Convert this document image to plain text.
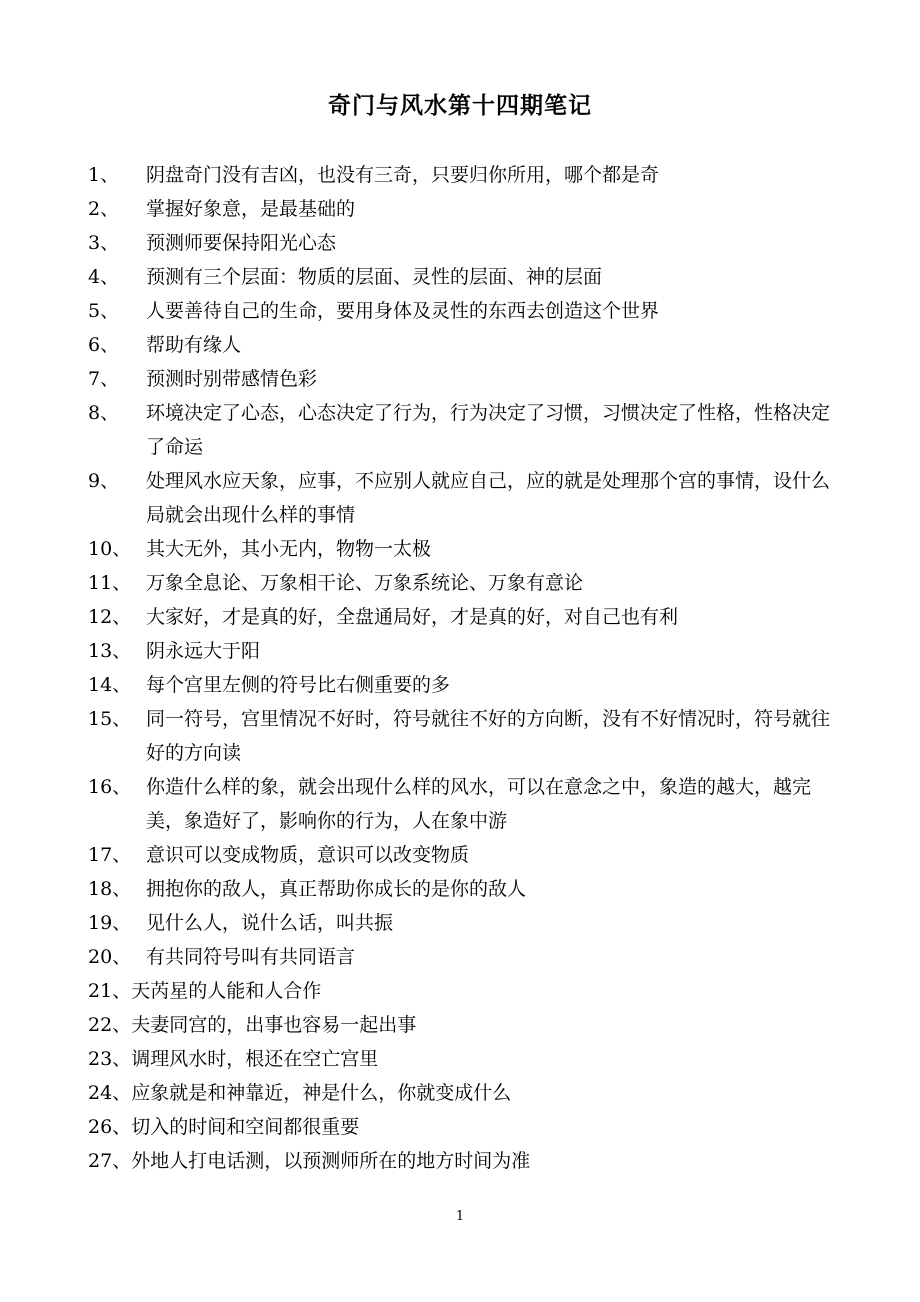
奇门与风水第十四期笔记
1、	阴盘奇门没有吉凶，也没有三奇，只要归你所用，哪个都是奇
2、	掌握好象意，是最基础的
3、	预测师要保持阳光心态
4、	预测有三个层面：物质的层面、灵性的层面、神的层面
5、	人要善待自己的生命，要用身体及灵性的东西去创造这个世界
6、	帮助有缘人
7、	预测时别带感情色彩
8、	环境决定了心态，心态决定了行为，行为决定了习惯，习惯决定了性格，性格决定了命运
9、	处理风水应天象，应事，不应别人就应自己，应的就是处理那个宫的事情，设什么局就会出现什么样的事情
10、 其大无外，其小无内，物物一太极
11、 万象全息论、万象相干论、万象系统论、万象有意论
12、 大家好，才是真的好，全盘通局好，才是真的好，对自己也有利
13、 阴永远大于阳
14、 每个宫里左侧的符号比右侧重要的多
15、 同一符号，宫里情况不好时，符号就往不好的方向断，没有不好情况时，符号就往好的方向读
16、 你造什么样的象，就会出现什么样的风水，可以在意念之中，象造的越大，越完美，象造好了，影响你的行为，人在象中游
17、 意识可以变成物质，意识可以改变物质
18、 拥抱你的敌人，真正帮助你成长的是你的敌人
19、 见什么人，说什么话，叫共振
20、 有共同符号叫有共同语言
21、 天芮星的人能和人合作
22、 夫妻同宫的，出事也容易一起出事
23、 调理风水时，根还在空亡宫里
24、 应象就是和神靠近，神是什么，你就变成什么
26、 切入的时间和空间都很重要
27、 外地人打电话测，以预测师所在的地方时间为准
1
